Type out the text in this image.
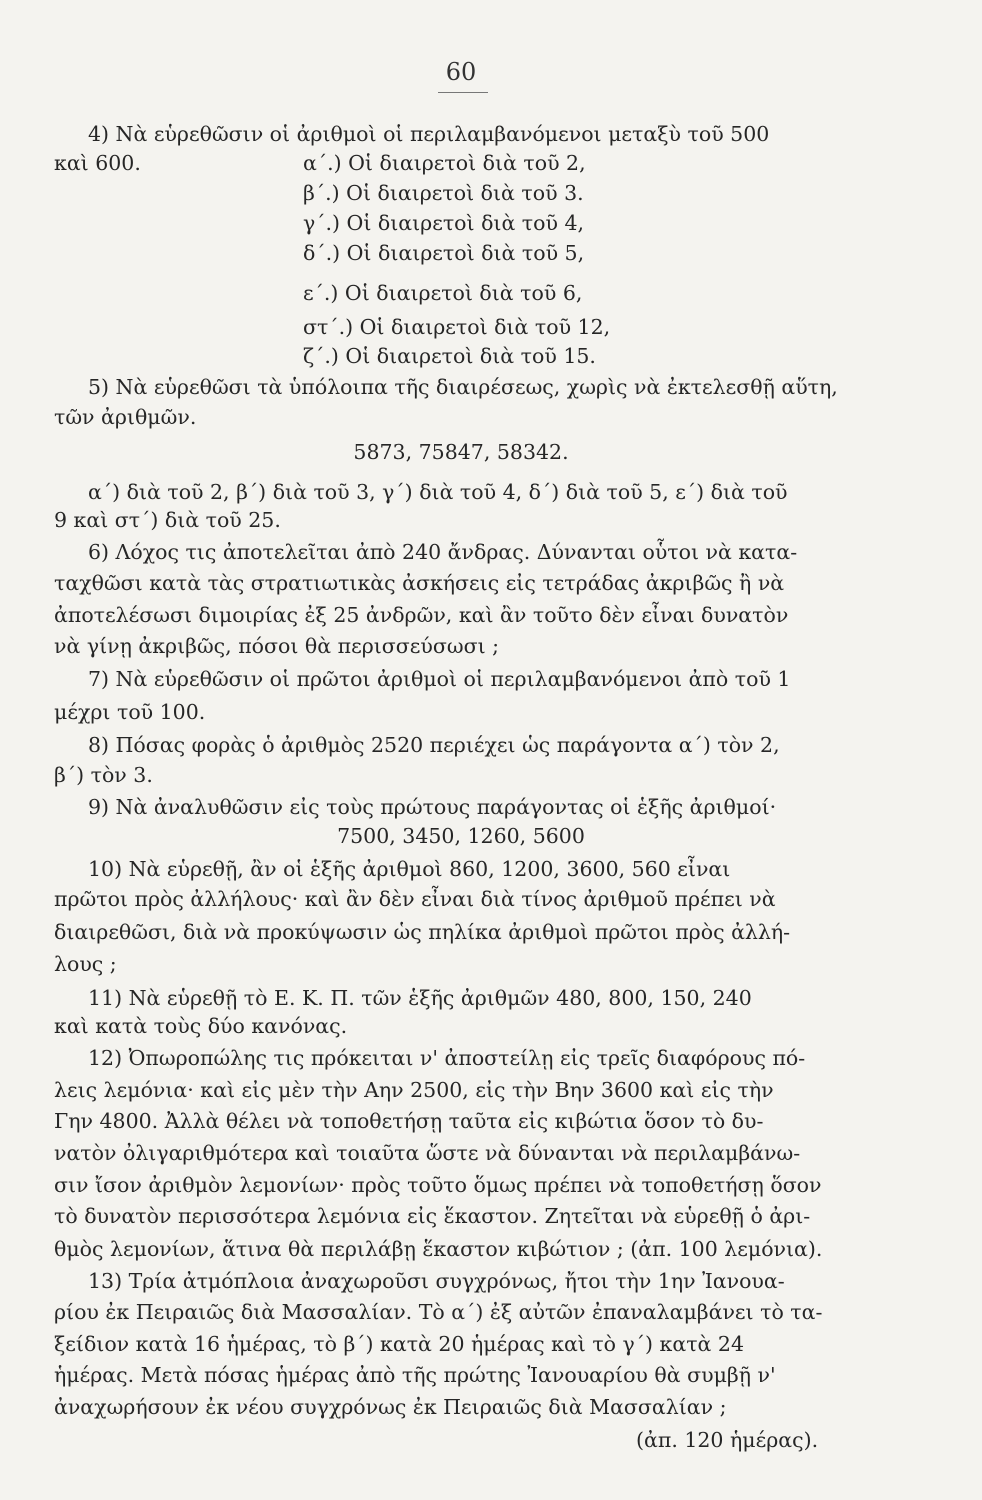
60
4) Νὰ εὑρεθῶσιν οἱ ἀριθμοὶ οἱ περιλαμβανόμενοι μεταξὺ τοῦ 500
καὶ 600.	α΄.) Οἱ διαιρετοὶ διὰ τοῦ 2,
β΄.) Οἱ διαιρετοὶ διὰ τοῦ 3.
γ΄.) Οἱ διαιρετοὶ διὰ τοῦ 4,
δ΄.) Οἱ διαιρετοὶ διὰ τοῦ 5,
ε΄.) Οἱ διαιρετοὶ διὰ τοῦ 6,
στ΄.) Οἱ διαιρετοὶ διὰ τοῦ 12,
ζ΄.) Οἱ διαιρετοὶ διὰ τοῦ 15.
5) Νὰ εὑρεθῶσι τὰ ὑπόλοιπα τῆς διαιρέσεως, χωρὶς νὰ ἐκτελεσθῇ αὕτη,
τῶν ἀριθμῶν.
5873, 75847, 58342.
α΄) διὰ τοῦ 2, β΄) διὰ τοῦ 3, γ΄) διὰ τοῦ 4, δ΄) διὰ τοῦ 5, ε΄) διὰ τοῦ
9 καὶ στ΄) διὰ τοῦ 25.
6) Λόχος τις ἀποτελεῖται ἀπὸ 240 ἄνδρας. Δύνανται οὗτοι νὰ κατα-
ταχθῶσι κατὰ τὰς στρατιωτικὰς ἀσκήσεις εἰς τετράδας ἀκριβῶς ἢ νὰ
ἀποτελέσωσι διμοιρίας ἐξ 25 ἀνδρῶν, καὶ ἂν τοῦτο δὲν εἶναι δυνατὸν
νὰ γίνῃ ἀκριβῶς, πόσοι θὰ περισσεύσωσι ;
7) Νὰ εὑρεθῶσιν οἱ πρῶτοι ἀριθμοὶ οἱ περιλαμβανόμενοι ἀπὸ τοῦ 1
μέχρι τοῦ 100.
8) Πόσας φορὰς ὁ ἀριθμὸς 2520 περιέχει ὡς παράγοντα α΄) τὸν 2,
β΄) τὸν 3.
9) Νὰ ἀναλυθῶσιν εἰς τοὺς πρώτους παράγοντας οἱ ἑξῆς ἀριθμοί·
7500, 3450, 1260, 5600
10) Νὰ εὑρεθῇ, ἂν οἱ ἑξῆς ἀριθμοὶ 860, 1200, 3600, 560 εἶναι
πρῶτοι πρὸς ἀλλήλους· καὶ ἂν δὲν εἶναι διὰ τίνος ἀριθμοῦ πρέπει νὰ
διαιρεθῶσι, διὰ νὰ προκύψωσιν ὡς πηλίκα ἀριθμοὶ πρῶτοι πρὸς ἀλλή-
λους ;
11) Νὰ εὑρεθῇ τὸ Ε. Κ. Π. τῶν ἑξῆς ἀριθμῶν 480, 800, 150, 240
καὶ κατὰ τοὺς δύο κανόνας.
12) Ὀπωροπώλης τις πρόκειται ν' ἀποστείλῃ εἰς τρεῖς διαφόρους πό-
λεις λεμόνια· καὶ εἰς μὲν τὴν Αην 2500, εἰς τὴν Βην 3600 καὶ εἰς τὴν
Γην 4800. Ἀλλὰ θέλει νὰ τοποθετήσῃ ταῦτα εἰς κιβώτια ὅσον τὸ δυ-
νατὸν ὀλιγαριθμότερα καὶ τοιαῦτα ὥστε νὰ δύνανται νὰ περιλαμβάνω-
σιν ἴσον ἀριθμὸν λεμονίων· πρὸς τοῦτο ὅμως πρέπει νὰ τοποθετήσῃ ὅσον
τὸ δυνατὸν περισσότερα λεμόνια εἰς ἕκαστον. Ζητεῖται νὰ εὑρεθῇ ὁ ἀρι-
θμὸς λεμονίων, ἅτινα θὰ περιλάβῃ ἕκαστον κιβώτιον ; (ἀπ. 100 λεμόνια).
13) Τρία ἀτμόπλοια ἀναχωροῦσι συγχρόνως, ἤτοι τὴν 1ην Ἰανουα-
ρίου ἐκ Πειραιῶς διὰ Μασσαλίαν. Τὸ α΄) ἐξ αὐτῶν ἐπαναλαμβάνει τὸ τα-
ξείδιον κατὰ 16 ἡμέρας, τὸ β΄) κατὰ 20 ἡμέρας καὶ τὸ γ΄) κατὰ 24
ἡμέρας. Μετὰ πόσας ἡμέρας ἀπὸ τῆς πρώτης Ἰανουαρίου θὰ συμβῇ ν'
ἀναχωρήσουν ἐκ νέου συγχρόνως ἐκ Πειραιῶς διὰ Μασσαλίαν ;
(ἀπ. 120 ἡμέρας).
